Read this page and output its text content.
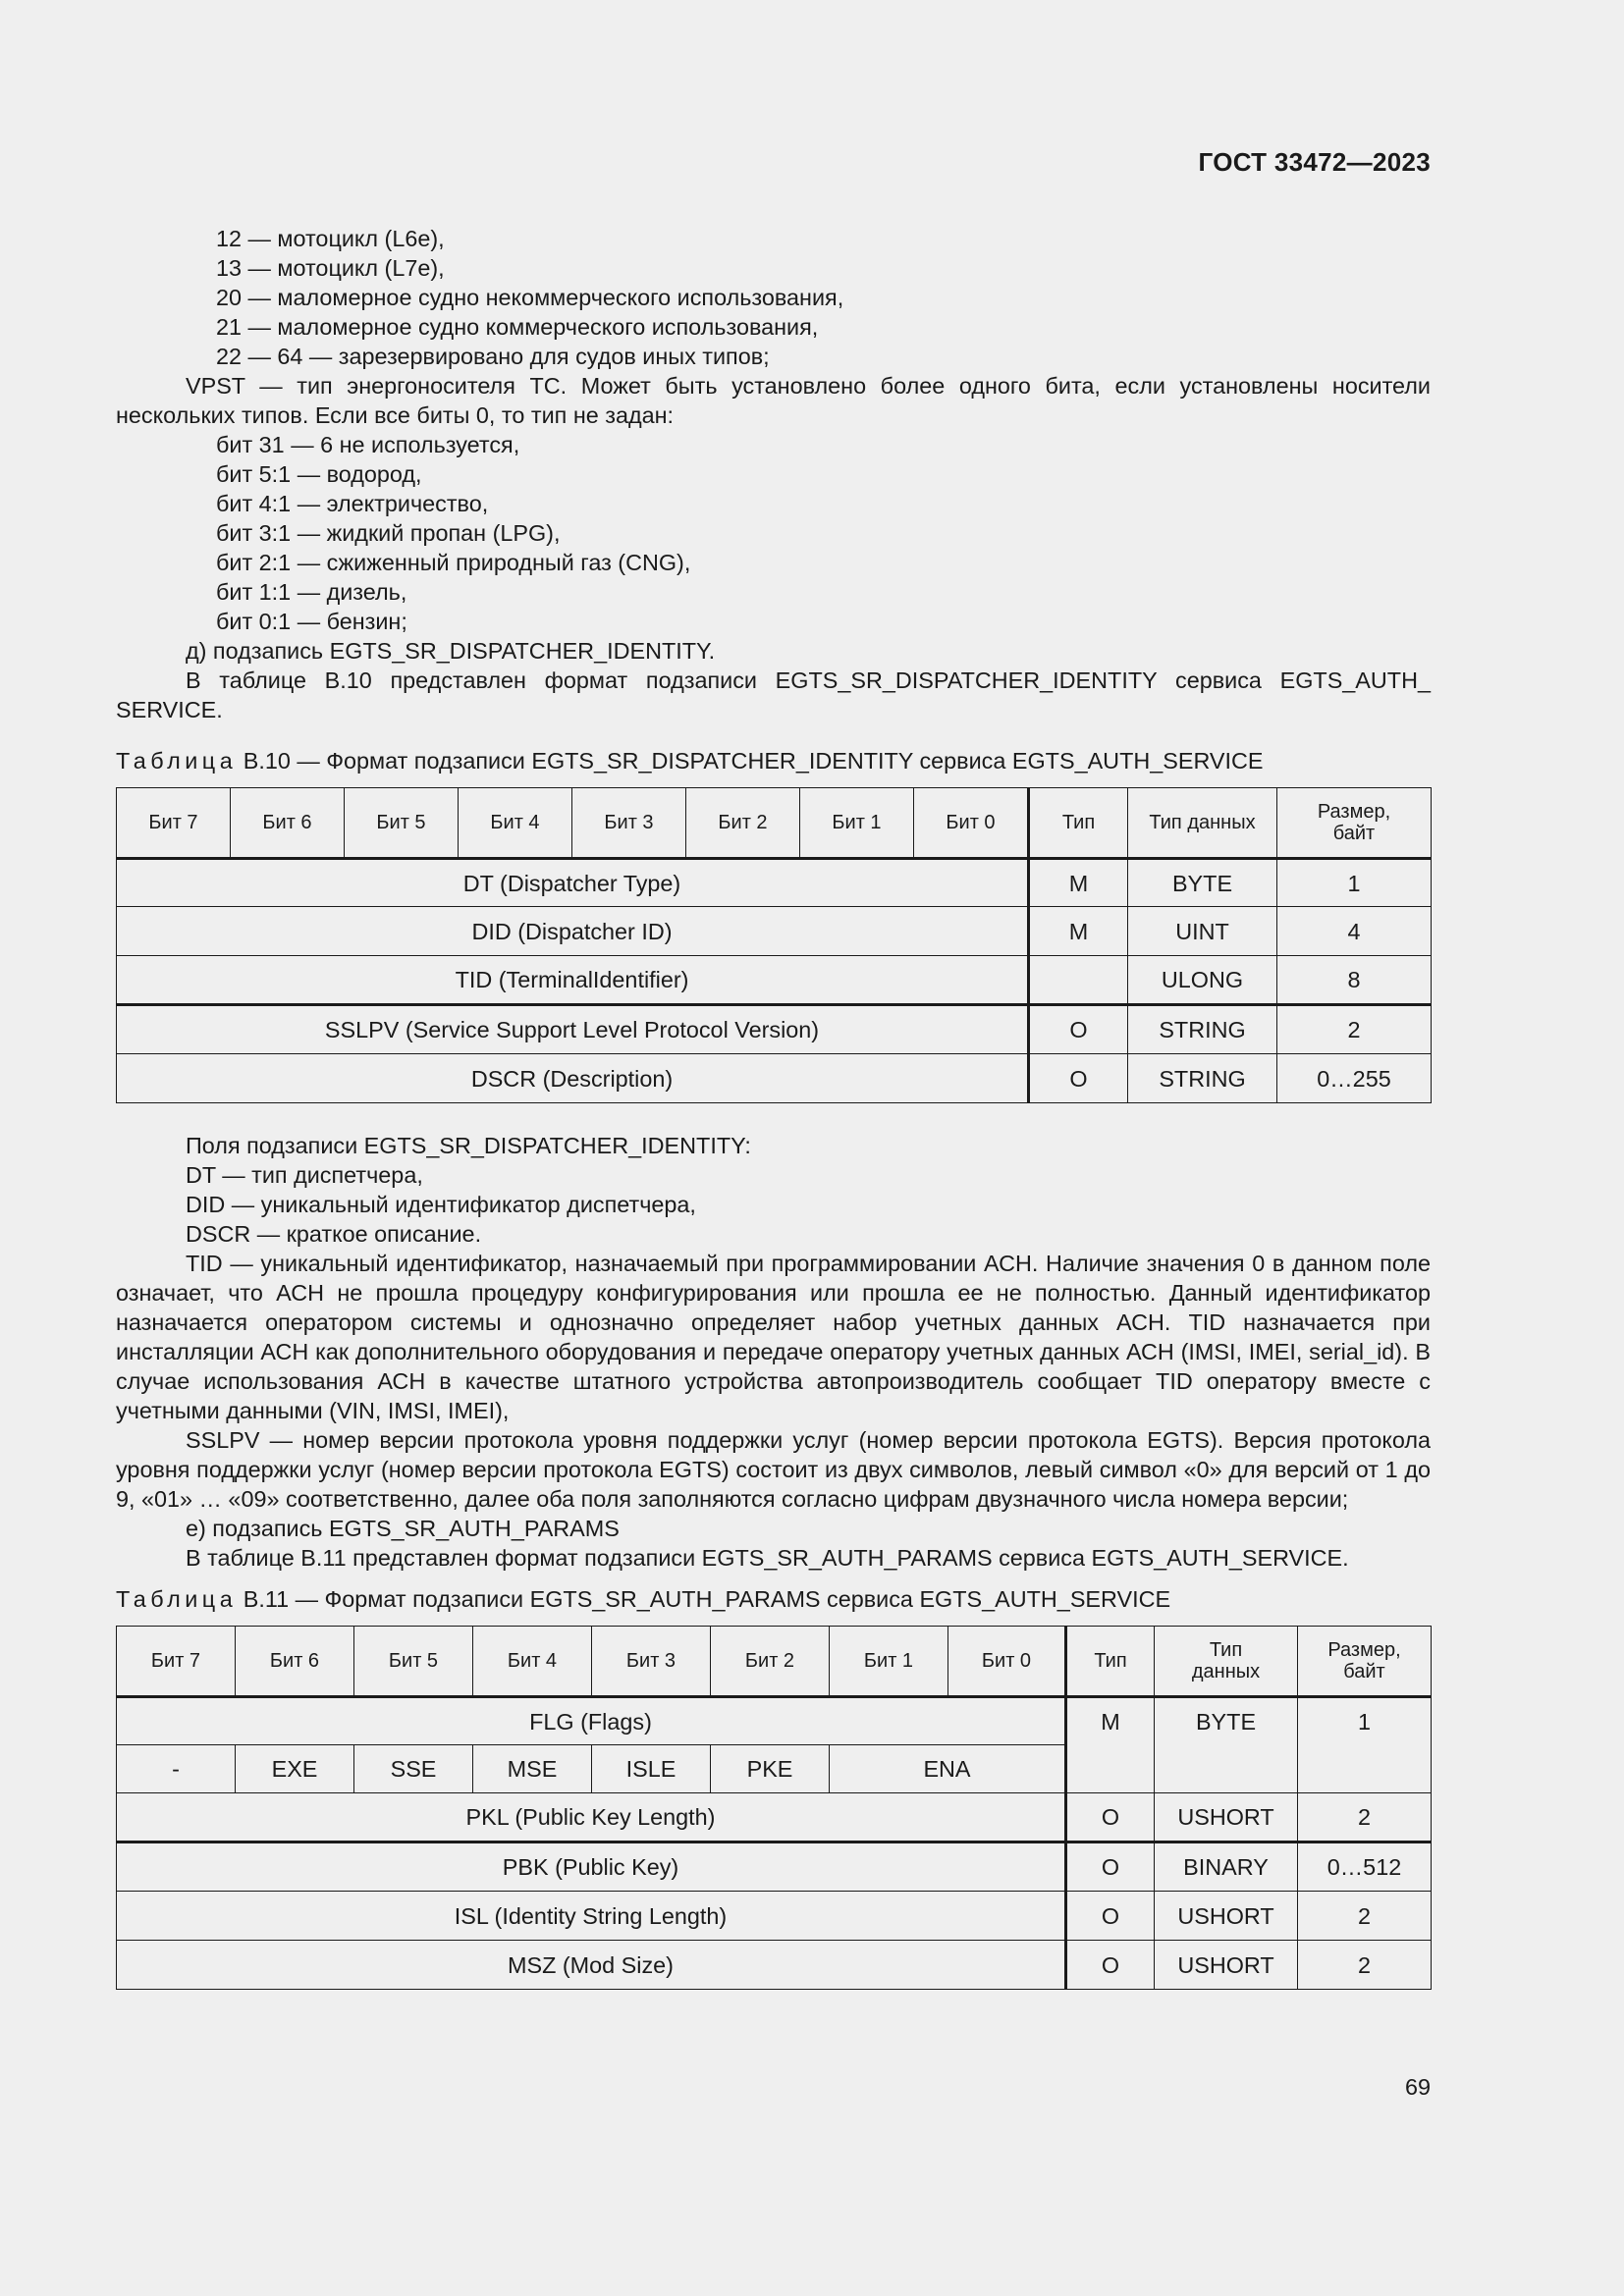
ГОСТ 33472—2023

12 — мотоцикл (L6e),

13 — мотоцикл (L7e),

20 — маломерное судно некоммерческого использования,

21 — маломерное судно коммерческого использования,

22 — 64 — зарезервировано для судов иных типов;

VPST — тип энергоносителя ТС. Может быть установлено более одного бита, если установлены носители нескольких типов. Если все биты 0, то тип не задан:

бит 31 — 6 не используется,

бит 5:1 — водород,

бит 4:1 — электричество,

бит 3:1 — жидкий пропан (LPG),

бит 2:1 — сжиженный природный газ (CNG),

бит 1:1 — дизель,

бит 0:1 — бензин;

д) подзапись EGTS_SR_DISPATCHER_IDENTITY.

В таблице В.10 представлен формат подзаписи EGTS_SR_DISPATCHER_IDENTITY сервиса EGTS_AUTH_ SERVICE.

Таблица В.10 — Формат подзаписи EGTS_SR_DISPATCHER_IDENTITY сервиса EGTS_AUTH_SERVICE

Бит 7	Бит 6	Бит 5	Бит 4	Бит 3	Бит 2	Бит 1	Бит 0	Тип	Тип данных	Размер, байт
DT (Dispatcher Type)								M	BYTE	1
DID (Dispatcher ID)								M	UINT	4
TID (TerminalIdentifier)									ULONG	8
SSLPV (Service Support Level Protocol Version)								O	STRING	2
DSCR (Description)								O	STRING	0…255

Поля подзаписи EGTS_SR_DISPATCHER_IDENTITY:

DT — тип диспетчера,

DID — уникальный идентификатор диспетчера,

DSCR — краткое описание.

TID — уникальный идентификатор, назначаемый при программировании АСН. Наличие значения 0 в данном поле означает, что АСН не прошла процедуру конфигурирования или прошла ее не полностью. Данный идентификатор назначается оператором системы и однозначно определяет набор учетных данных АСН. TID назначается при инсталляции АСН как дополнительного оборудования и передаче оператору учетных данных АСН (IMSI, IMEI, serial_id). В случае использования АСН в качестве штатного устройства автопроизводитель сообщает TID оператору вместе с учетными данными (VIN, IMSI, IMEI),

SSLPV — номер версии протокола уровня поддержки услуг (номер версии протокола EGTS). Версия протокола уровня поддержки услуг (номер версии протокола EGTS) состоит из двух символов, левый символ «0» для версий от 1 до 9, «01» … «09» соответственно, далее оба поля заполняются согласно цифрам двузначного числа номера версии;

е) подзапись EGTS_SR_AUTH_PARAMS

В таблице В.11 представлен формат подзаписи EGTS_SR_AUTH_PARAMS сервиса EGTS_AUTH_SERVICE.

Таблица В.11 — Формат подзаписи EGTS_SR_AUTH_PARAMS сервиса EGTS_AUTH_SERVICE

Бит 7	Бит 6	Бит 5	Бит 4	Бит 3	Бит 2	Бит 1	Бит 0	Тип	Тип данных	Размер, байт
FLG (Flags)								M	BYTE	1
-	EXE	SSE	MSE	ISLE	PKE	ENA				
PKL (Public Key Length)								O	USHORT	2
PBK (Public Key)								O	BINARY	0…512
ISL (Identity String Length)								O	USHORT	2
MSZ (Mod Size)								O	USHORT	2
69
